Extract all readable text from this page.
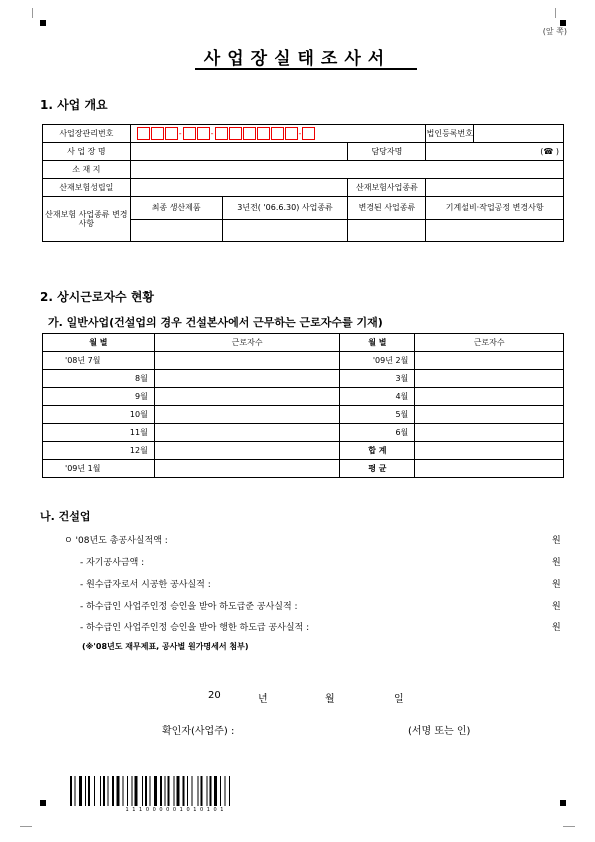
(앞 쪽)
사업장실태조사서
1. 사업 개요
사업장관리번호	- - -			법인등록번호	
사 업 장 명			담당자명	(☎ )	
소 재 지					
산재보험성립일			산재보험사업종류		
산재보험 사업종류 변경사항	최종 생산제품	3년전( '06.6.30) 사업종류	변경된 사업종류	기계설비·작업공정 변경사항	

2. 상시근로자수 현황
가. 일반사업(건설업의 경우 건설본사에서 근무하는 근로자수를 기재)
월 별	근로자수	월 별	근로자수
'08년 7월		'09년 2월	
8월		3월	
9월		4월	
10월		5월	
11월		6월	
12월		합 계	
'09년 1월		평 균	
나. 건설업
ㅇ '08년도 총공사실적액 :	원
- 자기공사금액 :	원
- 원수급자로서 시공한 공사실적 :	원
- 하수급인 사업주인정 승인을 받아 하도급준 공사실적 :	원
- 하수급인 사업주인정 승인을 받아 행한 하도급 공사실적 :	원
(※'08년도 재무제표, 공사별 원가명세서 첨부)
20	년	월	일
확인자(사업주) :	(서명 또는 인)
1 1 1 0 0 0 0 0 1 0 1 0 1 0 1
